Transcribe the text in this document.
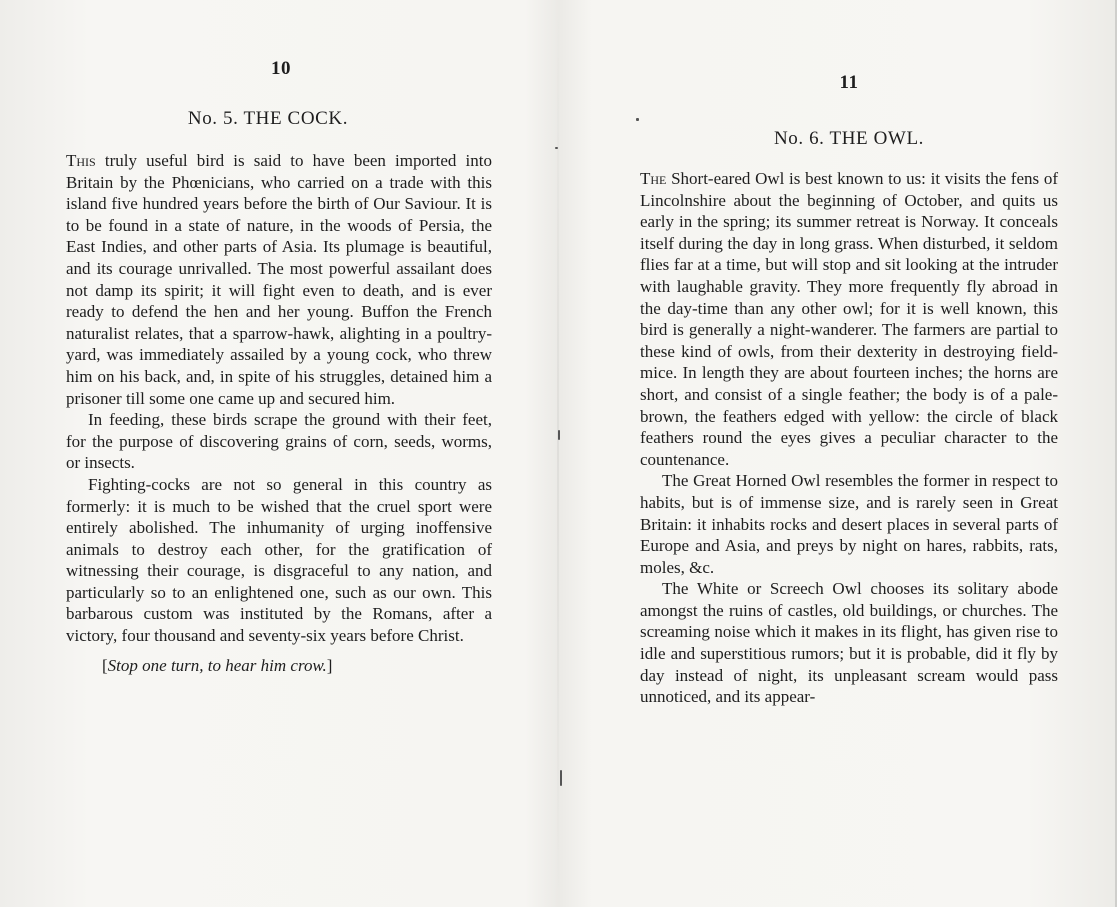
10
No. 5. THE COCK.

This truly useful bird is said to have been imported into Britain by the Phœnicians, who carried on a trade with this island five hundred years before the birth of Our Saviour. It is to be found in a state of nature, in the woods of Persia, the East Indies, and other parts of Asia. Its plumage is beautiful, and its courage unrivalled. The most powerful assailant does not damp its spirit; it will fight even to death, and is ever ready to defend the hen and her young. Buffon the French naturalist relates, that a sparrow-hawk, alighting in a poultry-yard, was immediately assailed by a young cock, who threw him on his back, and, in spite of his struggles, detained him a prisoner till some one came up and secured him.

In feeding, these birds scrape the ground with their feet, for the purpose of discovering grains of corn, seeds, worms, or insects.

Fighting-cocks are not so general in this country as formerly: it is much to be wished that the cruel sport were entirely abolished. The inhumanity of urging inoffensive animals to destroy each other, for the gratification of witnessing their courage, is disgraceful to any nation, and particularly so to an enlightened one, such as our own. This barbarous custom was instituted by the Romans, after a victory, four thousand and seventy-six years before Christ.

[Stop one turn, to hear him crow.]

11
No. 6. THE OWL.

The Short-eared Owl is best known to us: it visits the fens of Lincolnshire about the beginning of October, and quits us early in the spring; its summer retreat is Norway. It conceals itself during the day in long grass. When disturbed, it seldom flies far at a time, but will stop and sit looking at the intruder with laughable gravity. They more frequently fly abroad in the day-time than any other owl; for it is well known, this bird is generally a night-wanderer. The farmers are partial to these kind of owls, from their dexterity in destroying field-mice. In length they are about fourteen inches; the horns are short, and consist of a single feather; the body is of a pale-brown, the feathers edged with yellow: the circle of black feathers round the eyes gives a peculiar character to the countenance.

The Great Horned Owl resembles the former in respect to habits, but is of immense size, and is rarely seen in Great Britain: it inhabits rocks and desert places in several parts of Europe and Asia, and preys by night on hares, rabbits, rats, moles, &c.

The White or Screech Owl chooses its solitary abode amongst the ruins of castles, old buildings, or churches. The screaming noise which it makes in its flight, has given rise to idle and superstitious rumors; but it is probable, did it fly by day instead of night, its unpleasant scream would pass unnoticed, and its appear-
